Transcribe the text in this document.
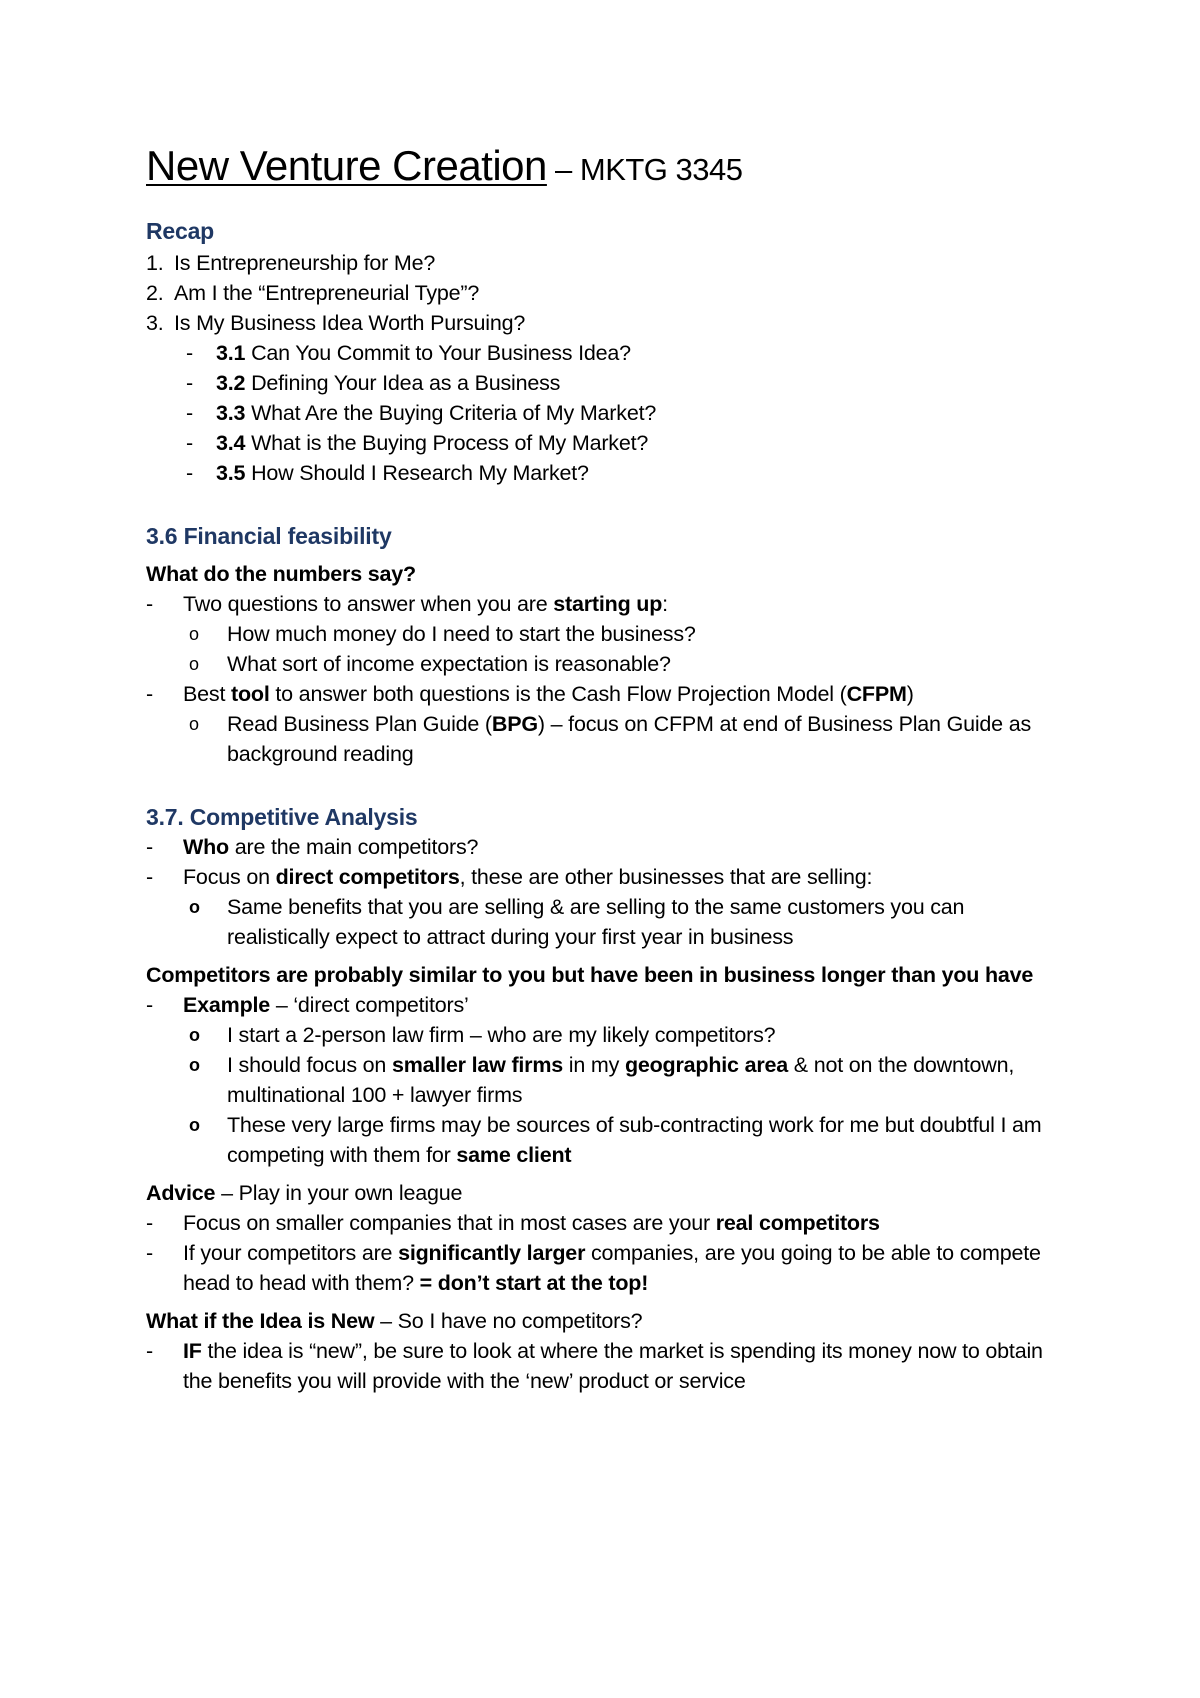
New Venture Creation – MKTG 3345
Recap
1. Is Entrepreneurship for Me?
2. Am I the “Entrepreneurial Type”?
3. Is My Business Idea Worth Pursuing?
- 3.1 Can You Commit to Your Business Idea?
- 3.2 Defining Your Idea as a Business
- 3.3 What Are the Buying Criteria of My Market?
- 3.4 What is the Buying Process of My Market?
- 3.5 How Should I Research My Market?
3.6 Financial feasibility
What do the numbers say?
- Two questions to answer when you are starting up:
o How much money do I need to start the business?
o What sort of income expectation is reasonable?
- Best tool to answer both questions is the Cash Flow Projection Model (CFPM)
o Read Business Plan Guide (BPG) – focus on CFPM at end of Business Plan Guide as background reading
3.7. Competitive Analysis
- Who are the main competitors?
- Focus on direct competitors, these are other businesses that are selling:
o Same benefits that you are selling & are selling to the same customers you can realistically expect to attract during your first year in business
Competitors are probably similar to you but have been in business longer than you have
- Example – ‘direct competitors’
o I start a 2-person law firm – who are my likely competitors?
o I should focus on smaller law firms in my geographic area & not on the downtown, multinational 100 + lawyer firms
o These very large firms may be sources of sub-contracting work for me but doubtful I am competing with them for same client
Advice – Play in your own league
- Focus on smaller companies that in most cases are your real competitors
- If your competitors are significantly larger companies, are you going to be able to compete head to head with them? = don’t start at the top!
What if the Idea is New – So I have no competitors?
- IF the idea is “new”, be sure to look at where the market is spending its money now to obtain the benefits you will provide with the ‘new’ product or service
